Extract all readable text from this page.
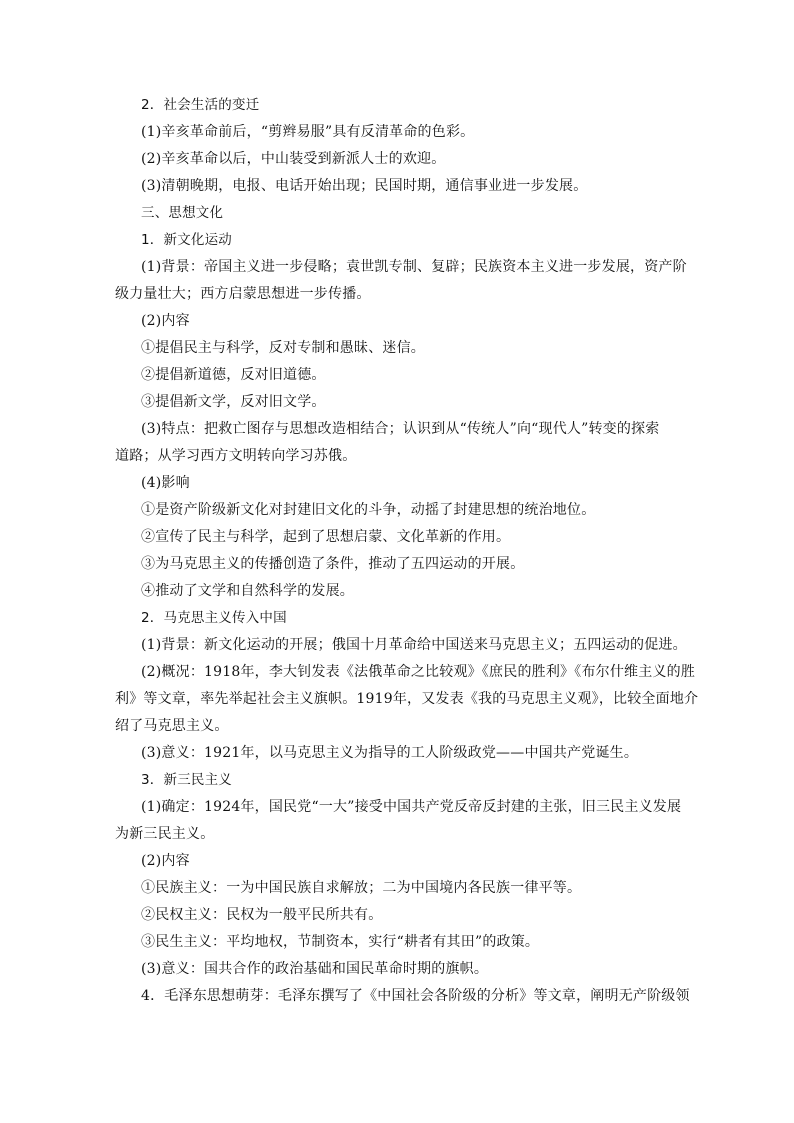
2．社会生活的变迁
(1)辛亥革命前后，“剪辫易服”具有反清革命的色彩。
(2)辛亥革命以后，中山装受到新派人士的欢迎。
(3)清朝晚期，电报、电话开始出现；民国时期，通信事业进一步发展。
三、思想文化
1．新文化运动
(1)背景：帝国主义进一步侵略；袁世凯专制、复辟；民族资本主义进一步发展，资产阶
级力量壮大；西方启蒙思想进一步传播。
(2)内容
①提倡民主与科学，反对专制和愚昧、迷信。
②提倡新道德，反对旧道德。
③提倡新文学，反对旧文学。
(3)特点：把救亡图存与思想改造相结合；认识到从“传统人”向“现代人”转变的探索
道路；从学习西方文明转向学习苏俄。
(4)影响
①是资产阶级新文化对封建旧文化的斗争，动摇了封建思想的统治地位。
②宣传了民主与科学，起到了思想启蒙、文化革新的作用。
③为马克思主义的传播创造了条件，推动了五四运动的开展。
④推动了文学和自然科学的发展。
2．马克思主义传入中国
(1)背景：新文化运动的开展；俄国十月革命给中国送来马克思主义；五四运动的促进。
(2)概况：1918年，李大钊发表《法俄革命之比较观》《庶民的胜利》《布尔什维主义的胜
利》等文章，率先举起社会主义旗帜。1919年，又发表《我的马克思主义观》，比较全面地介
绍了马克思主义。
(3)意义：1921年，以马克思主义为指导的工人阶级政党——中国共产党诞生。
3．新三民主义
(1)确定：1924年，国民党“一大”接受中国共产党反帝反封建的主张，旧三民主义发展
为新三民主义。
(2)内容
①民族主义：一为中国民族自求解放；二为中国境内各民族一律平等。
②民权主义：民权为一般平民所共有。
③民生主义：平均地权，节制资本，实行“耕者有其田”的政策。
(3)意义：国共合作的政治基础和国民革命时期的旗帜。
4．毛泽东思想萌芽：毛泽东撰写了《中国社会各阶级的分析》等文章，阐明无产阶级领
